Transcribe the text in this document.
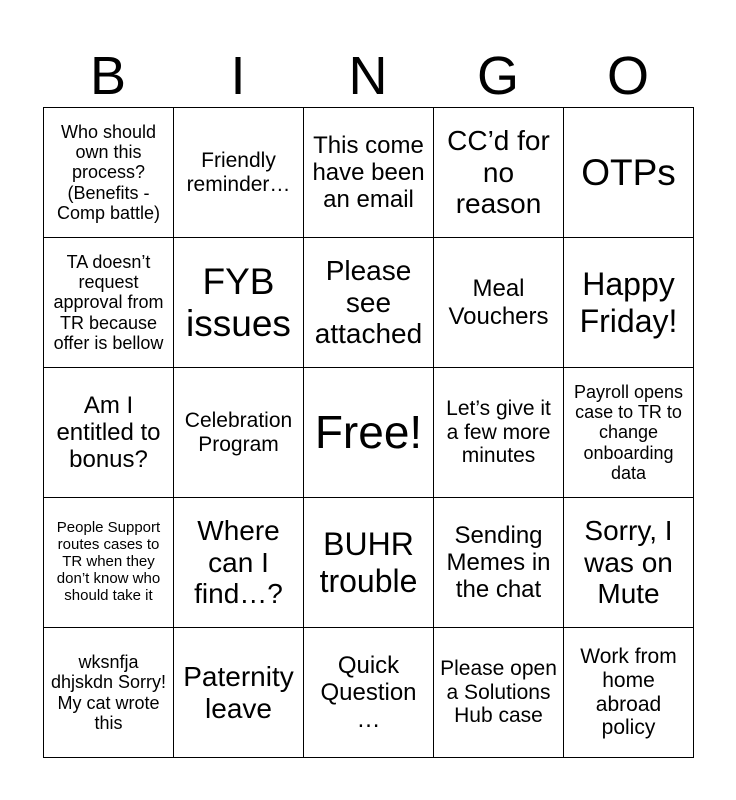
B	I	N	G	O
Who should own this process? (Benefits - Comp battle)	Friendly reminder…	This come have been an email	CC’d for no reason	OTPs

TA doesn’t request approval from TR because offer is bellow	FYB issues	Please see attached	Meal Vouchers	Happy Friday!

Am I entitled to bonus?	Celebration Program	Free!	Let’s give it a few more minutes	Payroll opens case to TR to change onboarding data

People Support routes cases to TR when they don’t know who should take it	Where can I find…?	BUHR trouble	Sending Memes in the chat	Sorry, I was on Mute

wksnfja dhjskdn Sorry! My cat wrote this	Paternity leave	Quick Question …	Please open a Solutions Hub case	Work from home abroad policy
